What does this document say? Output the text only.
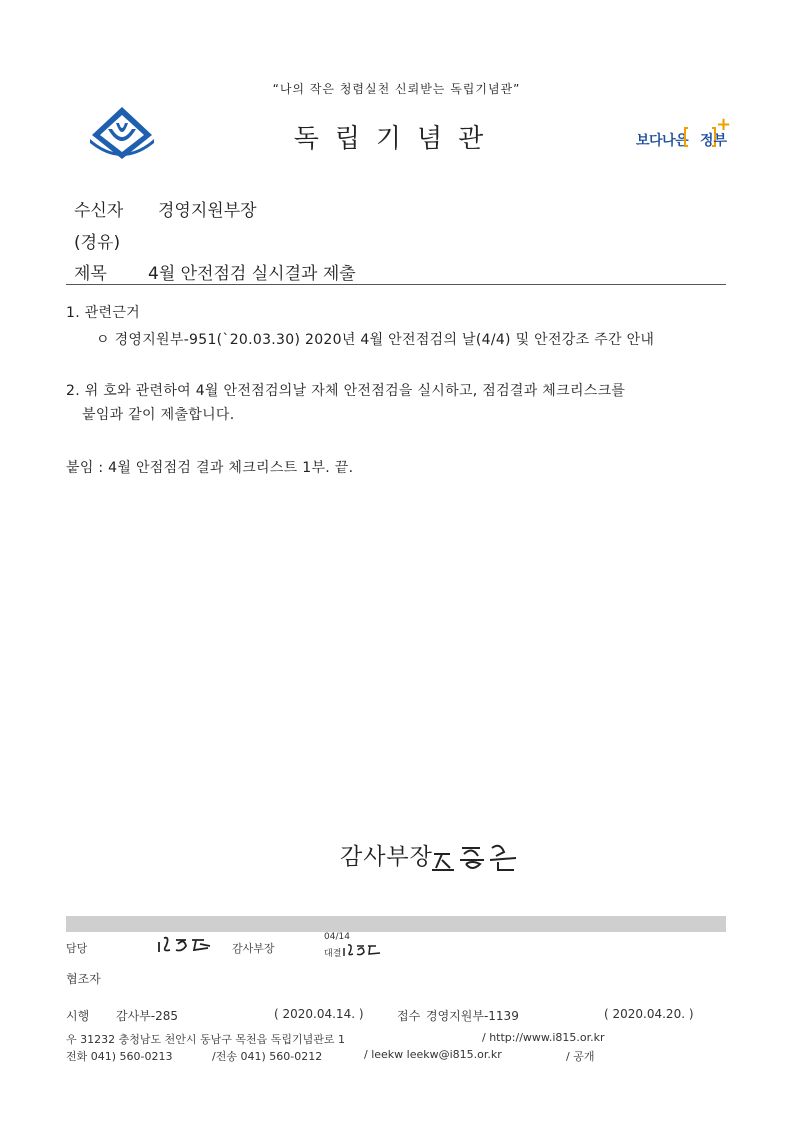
“나의 작은 청렴실천 신뢰받는 독립기념관”
독립기념관	보다나은 정부
+
수신자 경영지원부장
(경유)
제목 4월 안전점검 실시결과 제출
1. 관련근거
ㅇ 경영지원부-951(`20.03.30) 2020년 4월 안전점검의 날(4/4) 및 안전강조 주간 안내
2. 위 호와 관련하여 4월 안전점검의날 자체 안전점검을 실시하고, 점검결과 체크리스크를
붙임과 같이 제출합니다.
붙임 : 4월 안점점검 결과 체크리스트 1부. 끝.
감사부장
담당	감사부장
04/14
대결
협조자
시행 감사부-285	( 2020.04.14. )	접수 경영지원부-1139	( 2020.04.20. )
우 31232 충청남도 천안시 동남구 목천읍 독립기념관로 1	/ http://www.i815.or.kr
전화 041) 560-0213	/전송 041) 560-0212	/ leekw leekw@i815.or.kr	/ 공개
